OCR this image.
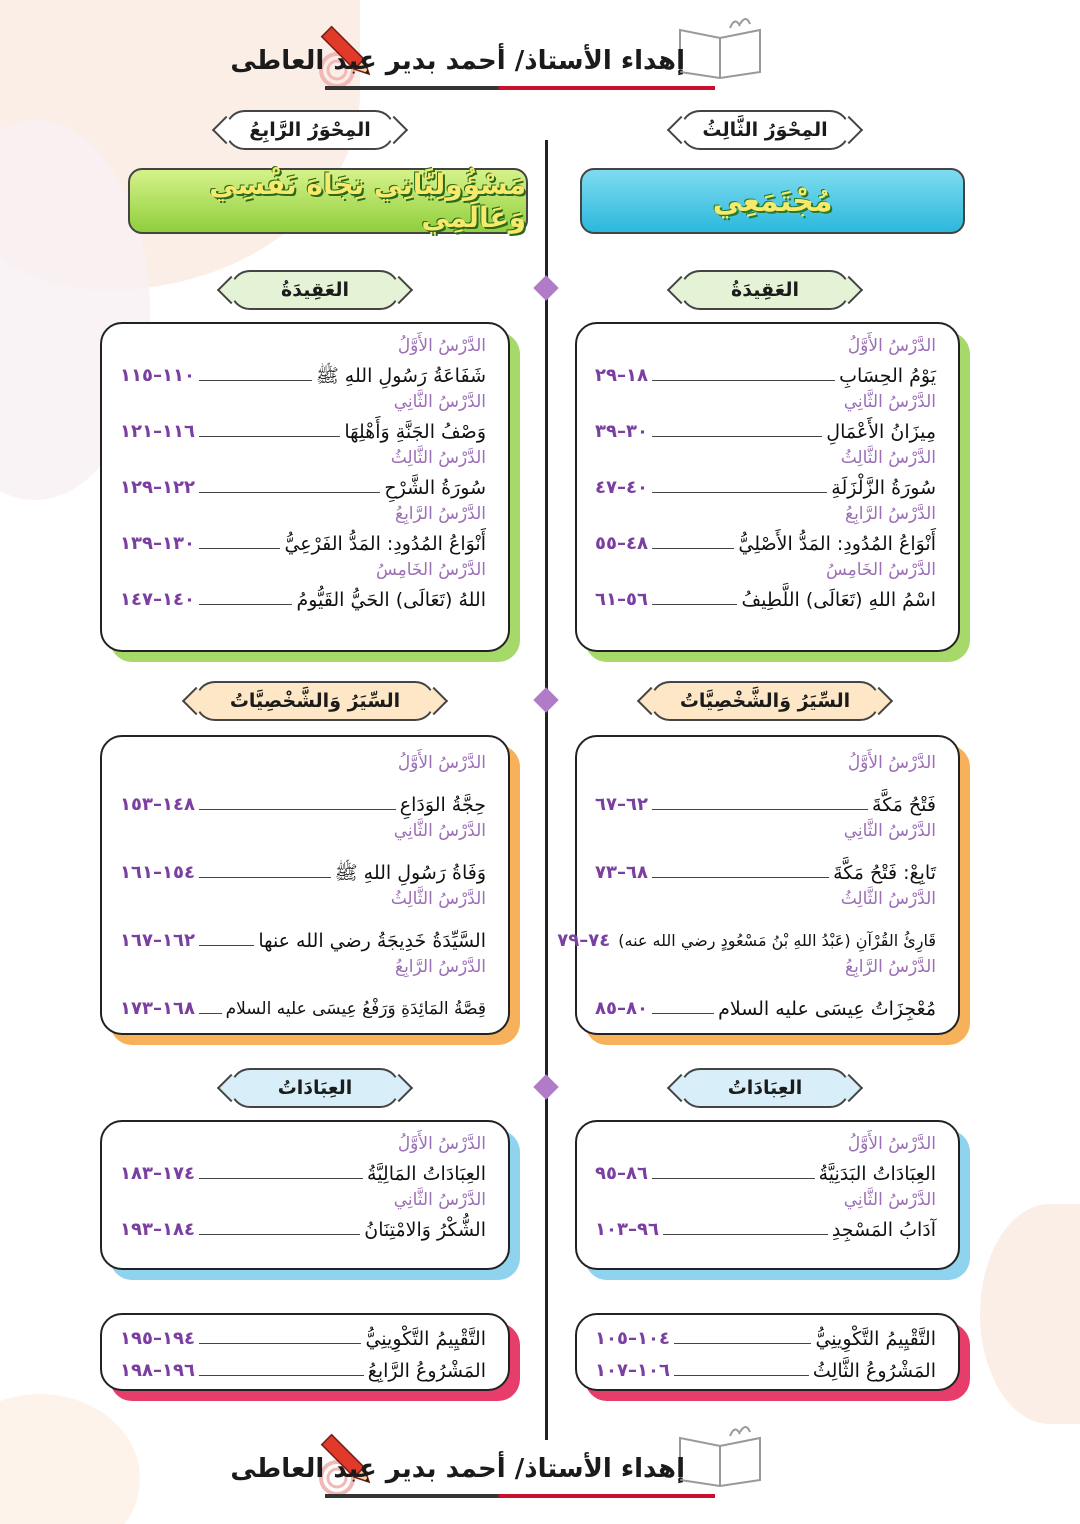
إهداء الأستاذ/ أحمد بدير عبد العاطى
المِحْوَرُ الثَّالِثُ
المِحْوَرُ الرَّابِعُ
مُجْتَمَعِي
مَسْؤُولِيَّاتِي تِجَاهَ نَفْسِي وَعَالَمِي
العَقِيدَةُ
العَقِيدَةُ
الدَّرْسُ الأَوَّلُ
يَوْمُ الحِسَابِ
١٨–٢٩
الدَّرْسُ الثَّانِي
مِيزَانُ الأَعْمَالِ
٣٠–٣٩
الدَّرْسُ الثَّالِثُ
سُورَةُ الزَّلْزَلَةِ
٤٠–٤٧
الدَّرْسُ الرَّابِعُ
أَنْوَاعُ المُدُودِ: المَدُّ الأَصْلِيُّ
٤٨–٥٥
الدَّرْسُ الخَامِسُ
اسْمُ اللهِ (تَعَالَى) اللَّطِيفُ
٥٦–٦١
الدَّرْسُ الأَوَّلُ
شَفَاعَةُ رَسُولِ اللهِ ﷺ
١١٠–١١٥
الدَّرْسُ الثَّانِي
وَصْفُ الجَنَّةِ وَأَهْلِهَا
١١٦–١٢١
الدَّرْسُ الثَّالِثُ
سُورَةُ الشَّرْحِ
١٢٢–١٢٩
الدَّرْسُ الرَّابِعُ
أَنْوَاعُ المُدُودِ: المَدُّ الفَرْعِيُّ
١٣٠–١٣٩
الدَّرْسُ الخَامِسُ
اللهُ (تَعَالَى) الحَيُّ القَيُّومُ
١٤٠–١٤٧
السِّيَرُ وَالشَّخْصِيَّاتُ
السِّيَرُ وَالشَّخْصِيَّاتُ
الدَّرْسُ الأَوَّلُ
فَتْحُ مَكَّةَ
٦٢–٦٧
الدَّرْسُ الثَّانِي
تَابِعْ: فَتْحُ مَكَّةَ
٦٨–٧٣
الدَّرْسُ الثَّالِثُ
قَارِئُ القُرْآنِ (عَبْدُ اللهِ بْنُ مَسْعُودٍ رضي الله عنه)
٧٤–٧٩
الدَّرْسُ الرَّابِعُ
مُعْجِزَاتُ عِيسَى عليه السلام
٨٠–٨٥
الدَّرْسُ الأَوَّلُ
حِجَّةُ الوَدَاعِ
١٤٨–١٥٣
الدَّرْسُ الثَّانِي
وَفَاةُ رَسُولِ اللهِ ﷺ
١٥٤–١٦١
الدَّرْسُ الثَّالِثُ
السَّيِّدَةُ خَدِيجَةُ رضي الله عنها
١٦٢–١٦٧
الدَّرْسُ الرَّابِعُ
قِصَّةُ المَائِدَةِ وَرَفْعُ عِيسَى عليه السلام
١٦٨–١٧٣
العِبَادَاتُ
العِبَادَاتُ
الدَّرْسُ الأَوَّلُ
العِبَادَاتُ البَدَنِيَّةُ
٨٦–٩٥
الدَّرْسُ الثَّانِي
آدَابُ المَسْجِدِ
٩٦–١٠٣
الدَّرْسُ الأَوَّلُ
العِبَادَاتُ المَالِيَّةُ
١٧٤–١٨٣
الدَّرْسُ الثَّانِي
الشُّكْرُ وَالامْتِنَانُ
١٨٤–١٩٣
التَّقْيِيمُ التَّكْوِينِيُّ
١٠٤–١٠٥
المَشْرُوعُ الثَّالِثُ
١٠٦–١٠٧
التَّقْيِيمُ التَّكْوِينِيُّ
١٩٤–١٩٥
المَشْرُوعُ الرَّابِعُ
١٩٦–١٩٨
إهداء الأستاذ/ أحمد بدير عبد العاطى
